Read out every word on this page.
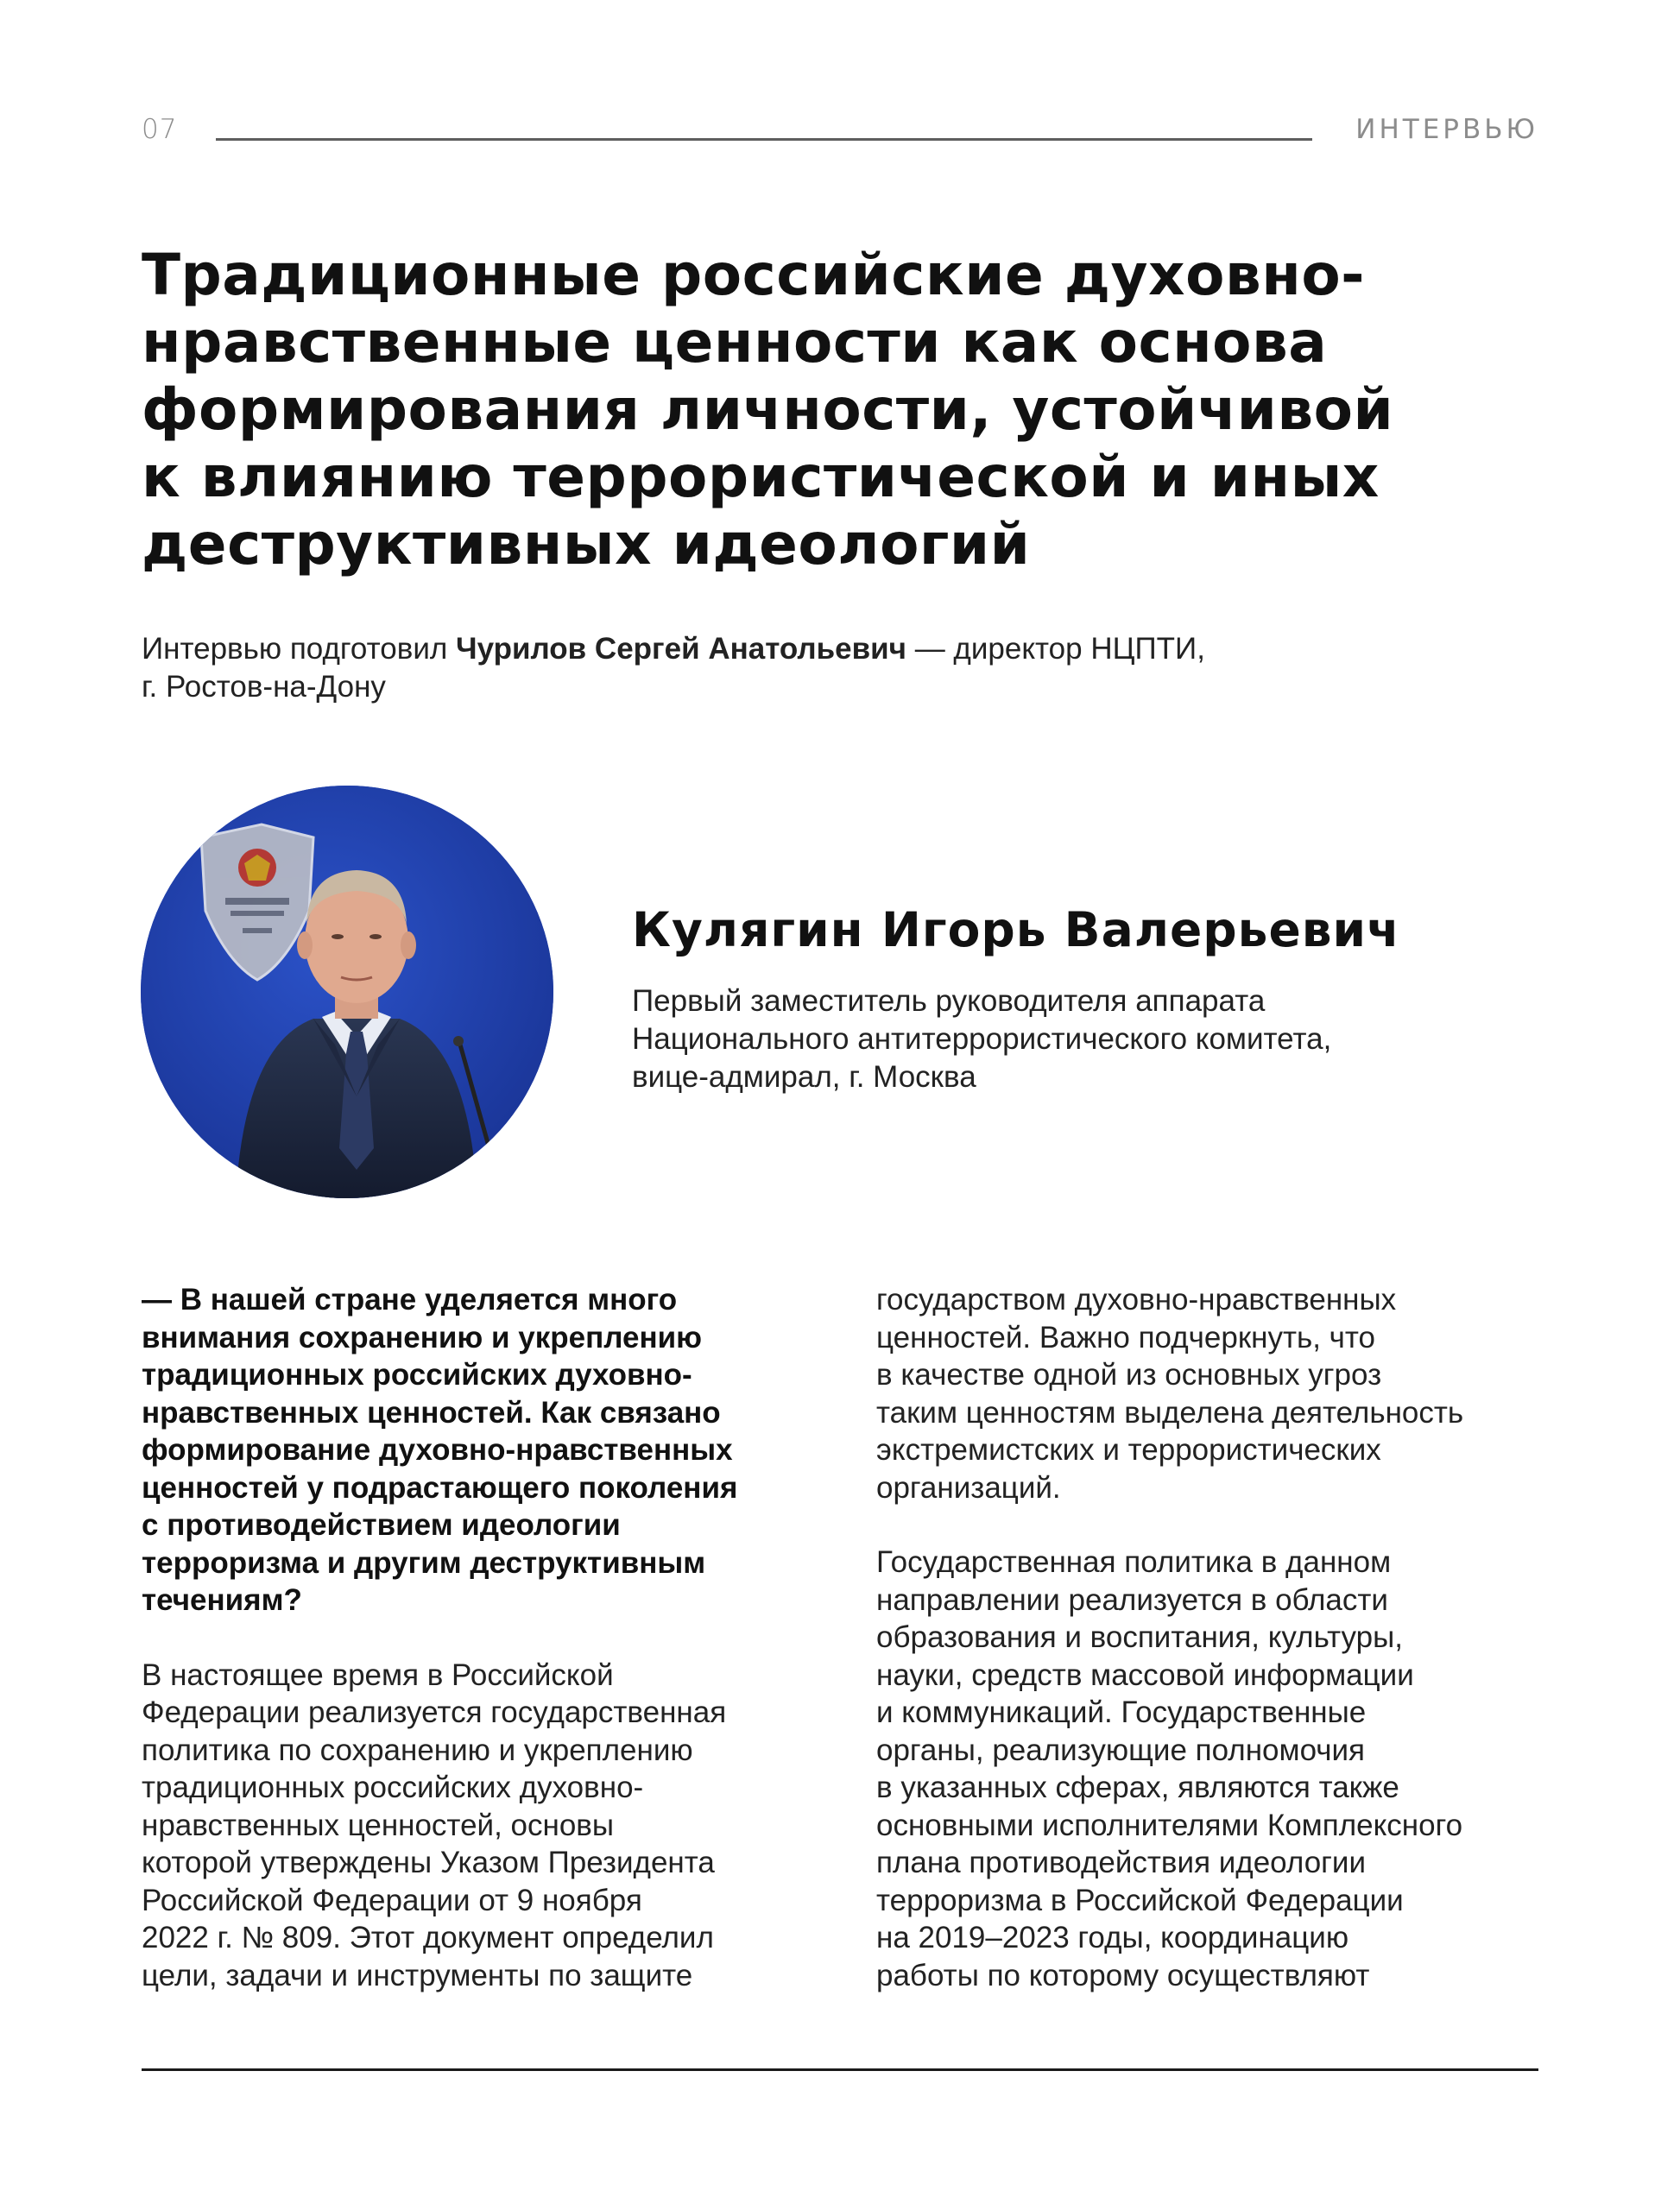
07	ИНТЕРВЬЮ
Традиционные российские духовно-нравственные ценности как основа формирования личности, устойчивой к влиянию террористической и иных деструктивных идеологий
Интервью подготовил Чурилов Сергей Анатольевич — директор НЦПТИ,
г. Ростов-на-Дону
Кулягин Игорь Валерьевич

Первый заместитель руководителя аппарата
Национального антитеррористического комитета,
вице-адмирал, г. Москва

— В нашей стране уделяется много
внимания сохранению и укреплению
традиционных российских духовно-
нравственных ценностей. Как связано
формирование духовно-нравственных
ценностей у подрастающего поколения
с противодействием идеологии
терроризма и другим деструктивным
течениям?

В настоящее время в Российской
Федерации реализуется государственная
политика по сохранению и укреплению
традиционных российских духовно-
нравственных ценностей, основы
которой утверждены Указом Президента
Российской Федерации от 9 ноября
2022 г. № 809. Этот документ определил
цели, задачи и инструменты по защите

государством духовно-нравственных
ценностей. Важно подчеркнуть, что
в качестве одной из основных угроз
таким ценностям выделена деятельность
экстремистских и террористических
организаций.

Государственная политика в данном
направлении реализуется в области
образования и воспитания, культуры,
науки, средств массовой информации
и коммуникаций. Государственные
органы, реализующие полномочия
в указанных сферах, являются также
основными исполнителями Комплексного
плана противодействия идеологии
терроризма в Российской Федерации
на 2019–2023 годы, координацию
работы по которому осуществляют
